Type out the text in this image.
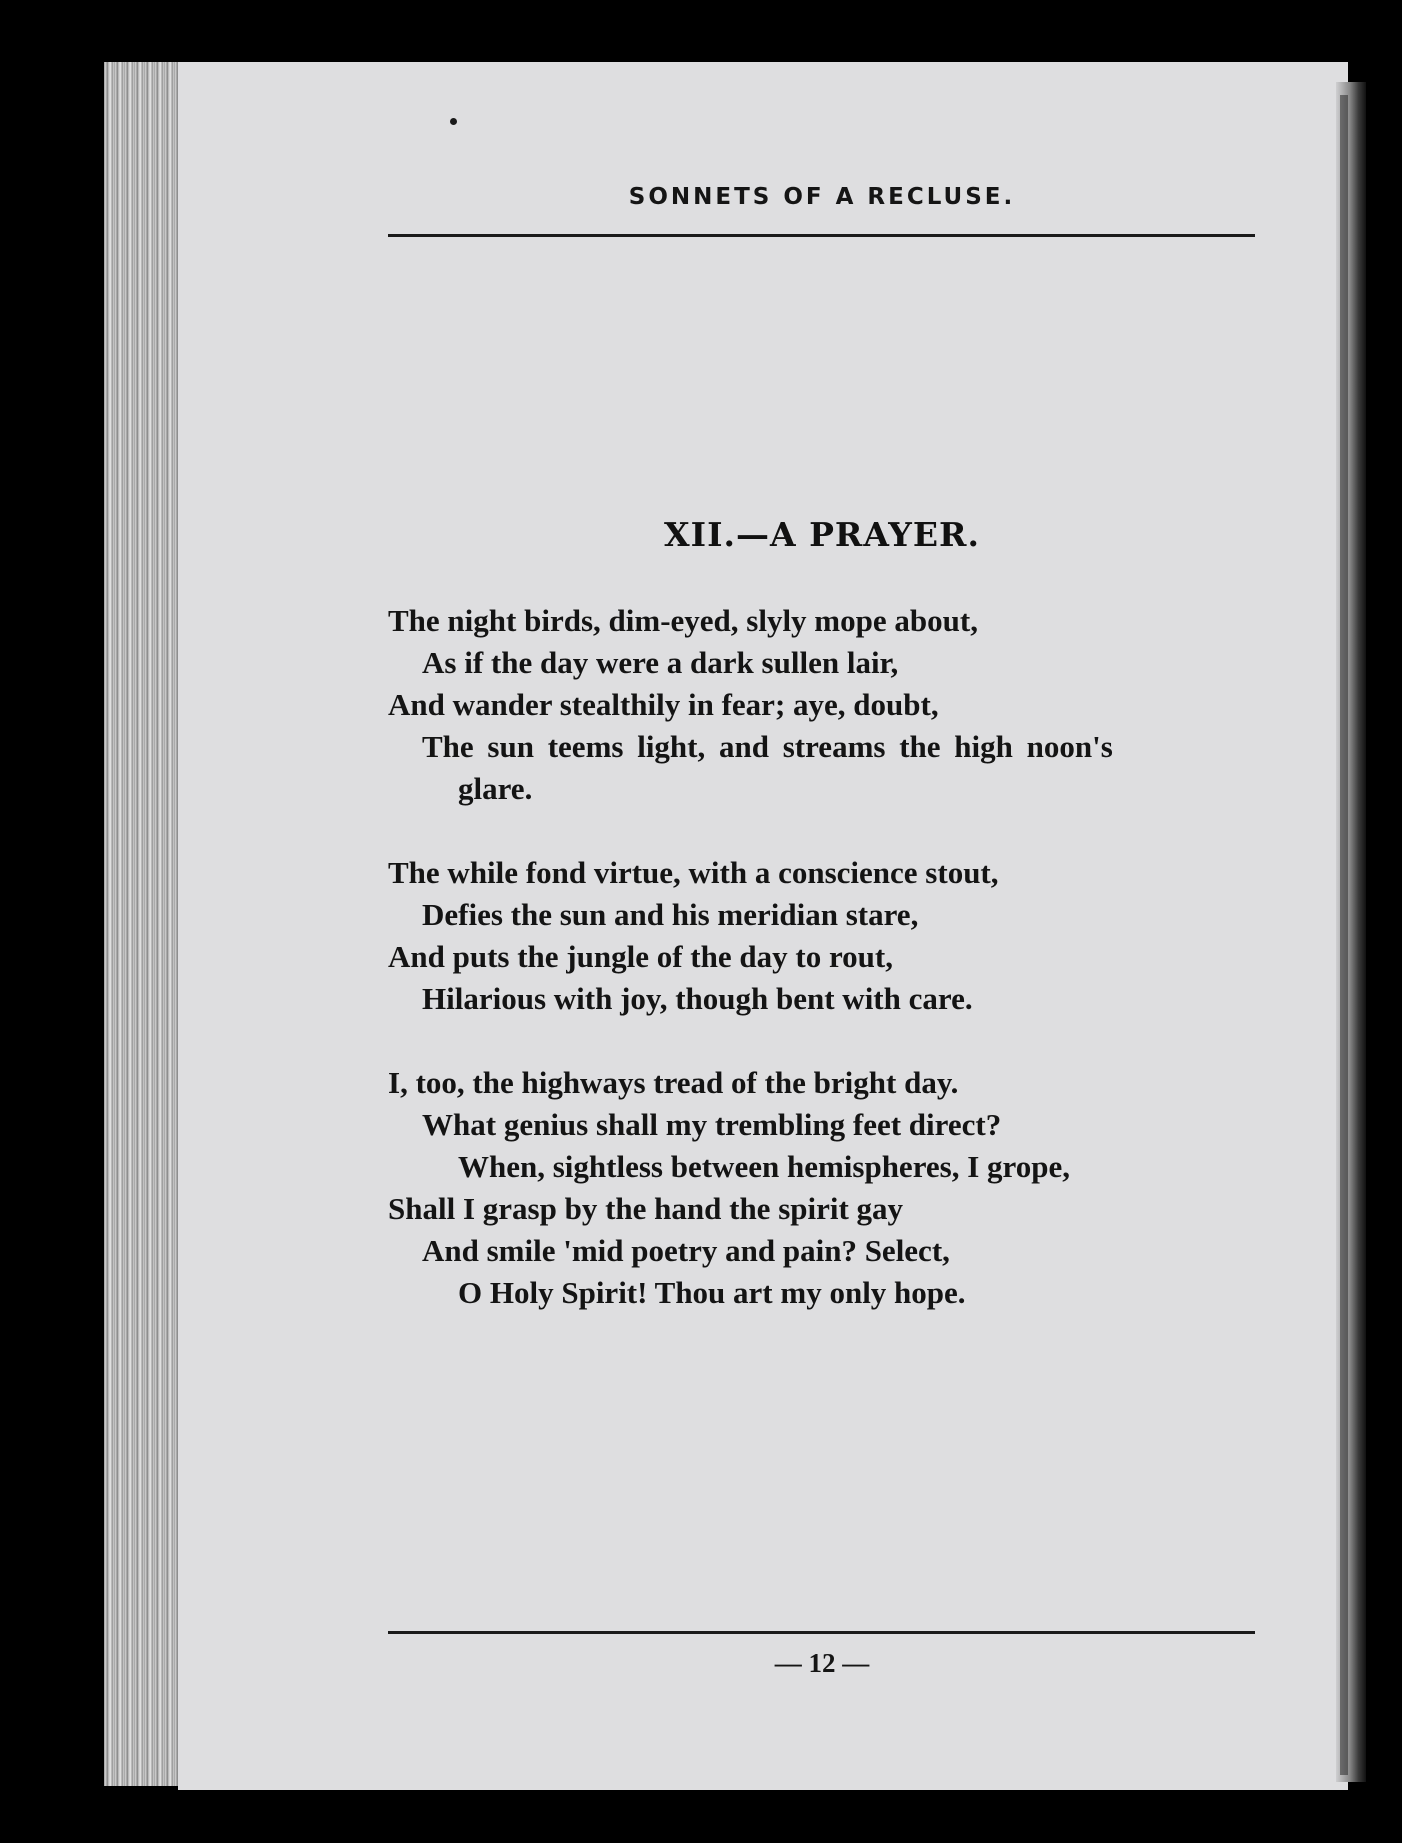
SONNETS OF A RECLUSE.
XII.—A PRAYER.
The night birds, dim-eyed, slyly mope about,
As if the day were a dark sullen lair,
And wander stealthily in fear; aye, doubt,
The sun teems light, and streams the high noon's
glare.
The while fond virtue, with a conscience stout,
Defies the sun and his meridian stare,
And puts the jungle of the day to rout,
Hilarious with joy, though bent with care.
I, too, the highways tread of the bright day.
What genius shall my trembling feet direct?
When, sightless between hemispheres, I grope,
Shall I grasp by the hand the spirit gay
And smile 'mid poetry and pain? Select,
O Holy Spirit! Thou art my only hope.
— 12 —
